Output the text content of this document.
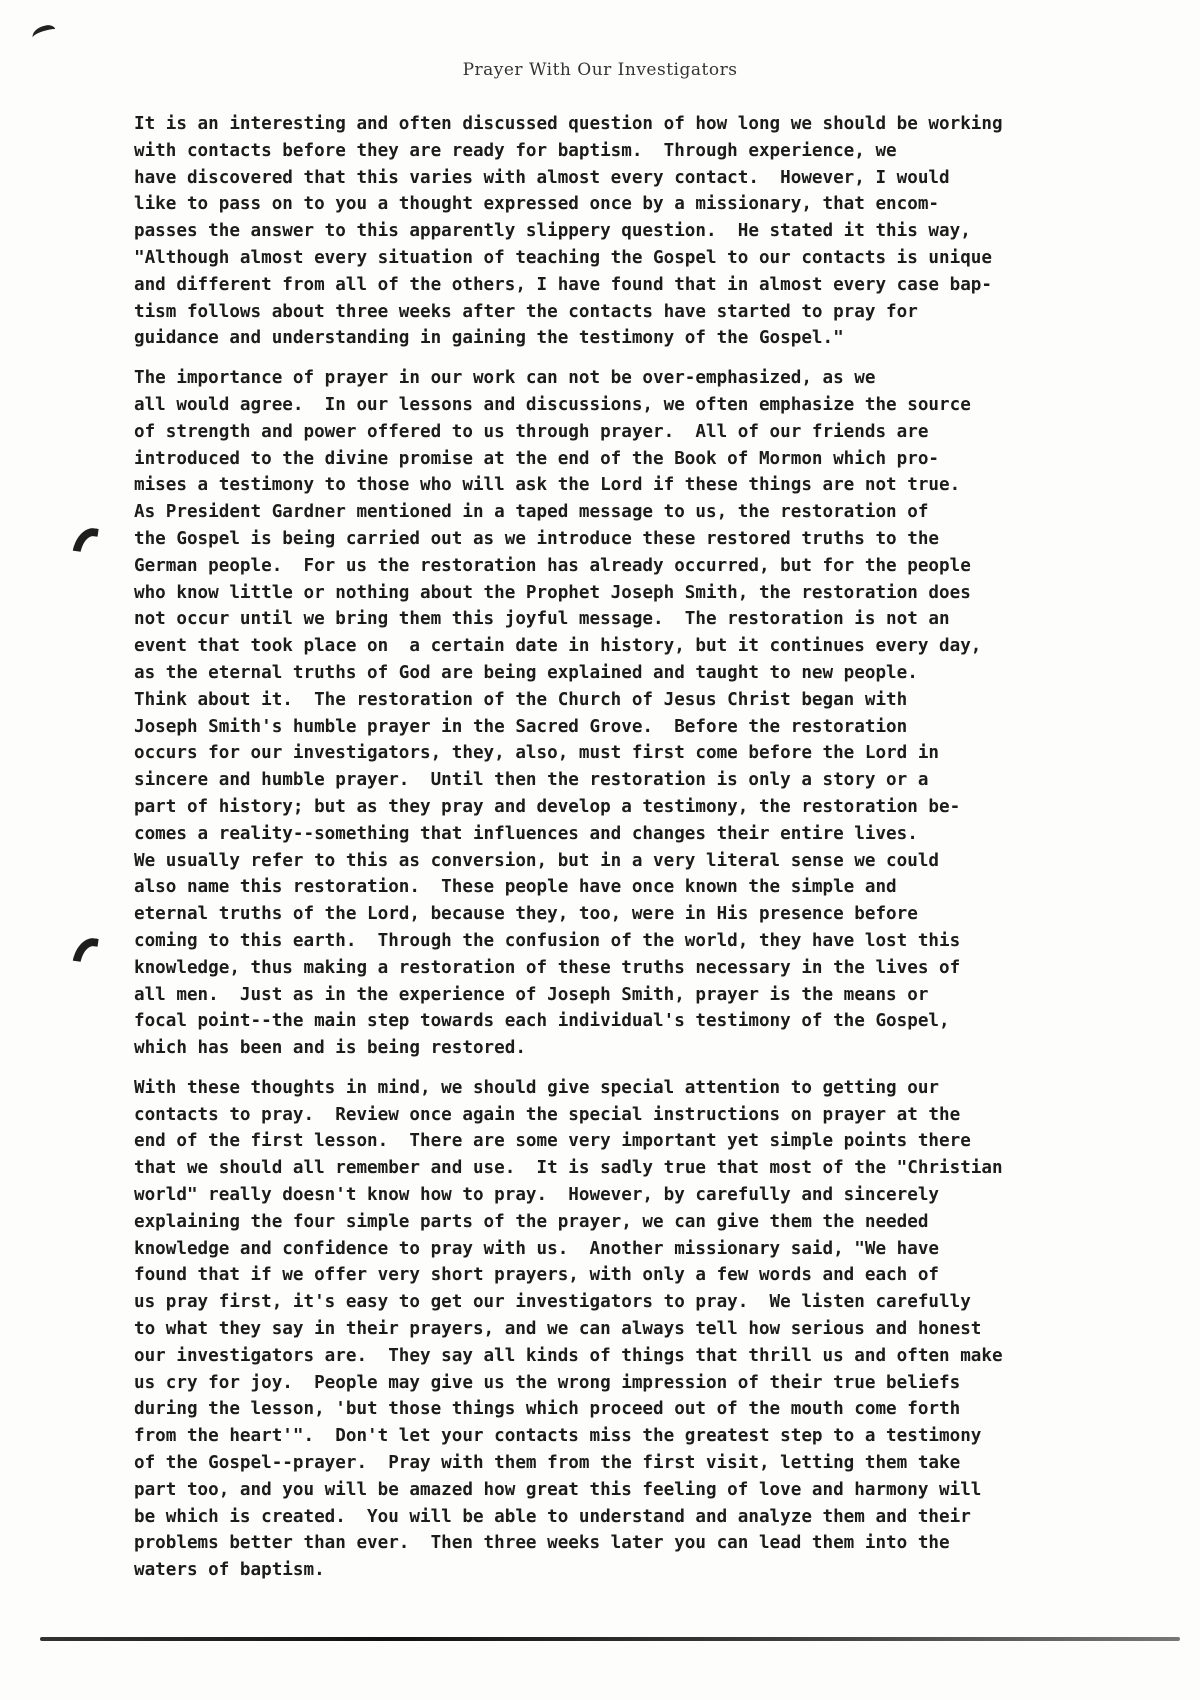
Prayer With Our Investigators
It is an interesting and often discussed question of how long we should be working
with contacts before they are ready for baptism.  Through experience, we
have discovered that this varies with almost every contact.  However, I would
like to pass on to you a thought expressed once by a missionary, that encom-
passes the answer to this apparently slippery question.  He stated it this way,
"Although almost every situation of teaching the Gospel to our contacts is unique
and different from all of the others, I have found that in almost every case bap-
tism follows about three weeks after the contacts have started to pray for
guidance and understanding in gaining the testimony of the Gospel."
The importance of prayer in our work can not be over-emphasized, as we
all would agree.  In our lessons and discussions, we often emphasize the source
of strength and power offered to us through prayer.  All of our friends are
introduced to the divine promise at the end of the Book of Mormon which pro-
mises a testimony to those who will ask the Lord if these things are not true.
As President Gardner mentioned in a taped message to us, the restoration of
the Gospel is being carried out as we introduce these restored truths to the
German people.  For us the restoration has already occurred, but for the people
who know little or nothing about the Prophet Joseph Smith, the restoration does
not occur until we bring them this joyful message.  The restoration is not an
event that took place on  a certain date in history, but it continues every day,
as the eternal truths of God are being explained and taught to new people.
Think about it.  The restoration of the Church of Jesus Christ began with
Joseph Smith's humble prayer in the Sacred Grove.  Before the restoration
occurs for our investigators, they, also, must first come before the Lord in
sincere and humble prayer.  Until then the restoration is only a story or a
part of history; but as they pray and develop a testimony, the restoration be-
comes a reality--something that influences and changes their entire lives.
We usually refer to this as conversion, but in a very literal sense we could
also name this restoration.  These people have once known the simple and
eternal truths of the Lord, because they, too, were in His presence before
coming to this earth.  Through the confusion of the world, they have lost this
knowledge, thus making a restoration of these truths necessary in the lives of
all men.  Just as in the experience of Joseph Smith, prayer is the means or
focal point--the main step towards each individual's testimony of the Gospel,
which has been and is being restored.
With these thoughts in mind, we should give special attention to getting our
contacts to pray.  Review once again the special instructions on prayer at the
end of the first lesson.  There are some very important yet simple points there
that we should all remember and use.  It is sadly true that most of the "Christian
world" really doesn't know how to pray.  However, by carefully and sincerely
explaining the four simple parts of the prayer, we can give them the needed
knowledge and confidence to pray with us.  Another missionary said, "We have
found that if we offer very short prayers, with only a few words and each of
us pray first, it's easy to get our investigators to pray.  We listen carefully
to what they say in their prayers, and we can always tell how serious and honest
our investigators are.  They say all kinds of things that thrill us and often make
us cry for joy.  People may give us the wrong impression of their true beliefs
during the lesson, 'but those things which proceed out of the mouth come forth
from the heart'".  Don't let your contacts miss the greatest step to a testimony
of the Gospel--prayer.  Pray with them from the first visit, letting them take
part too, and you will be amazed how great this feeling of love and harmony will
be which is created.  You will be able to understand and analyze them and their
problems better than ever.  Then three weeks later you can lead them into the
waters of baptism.
